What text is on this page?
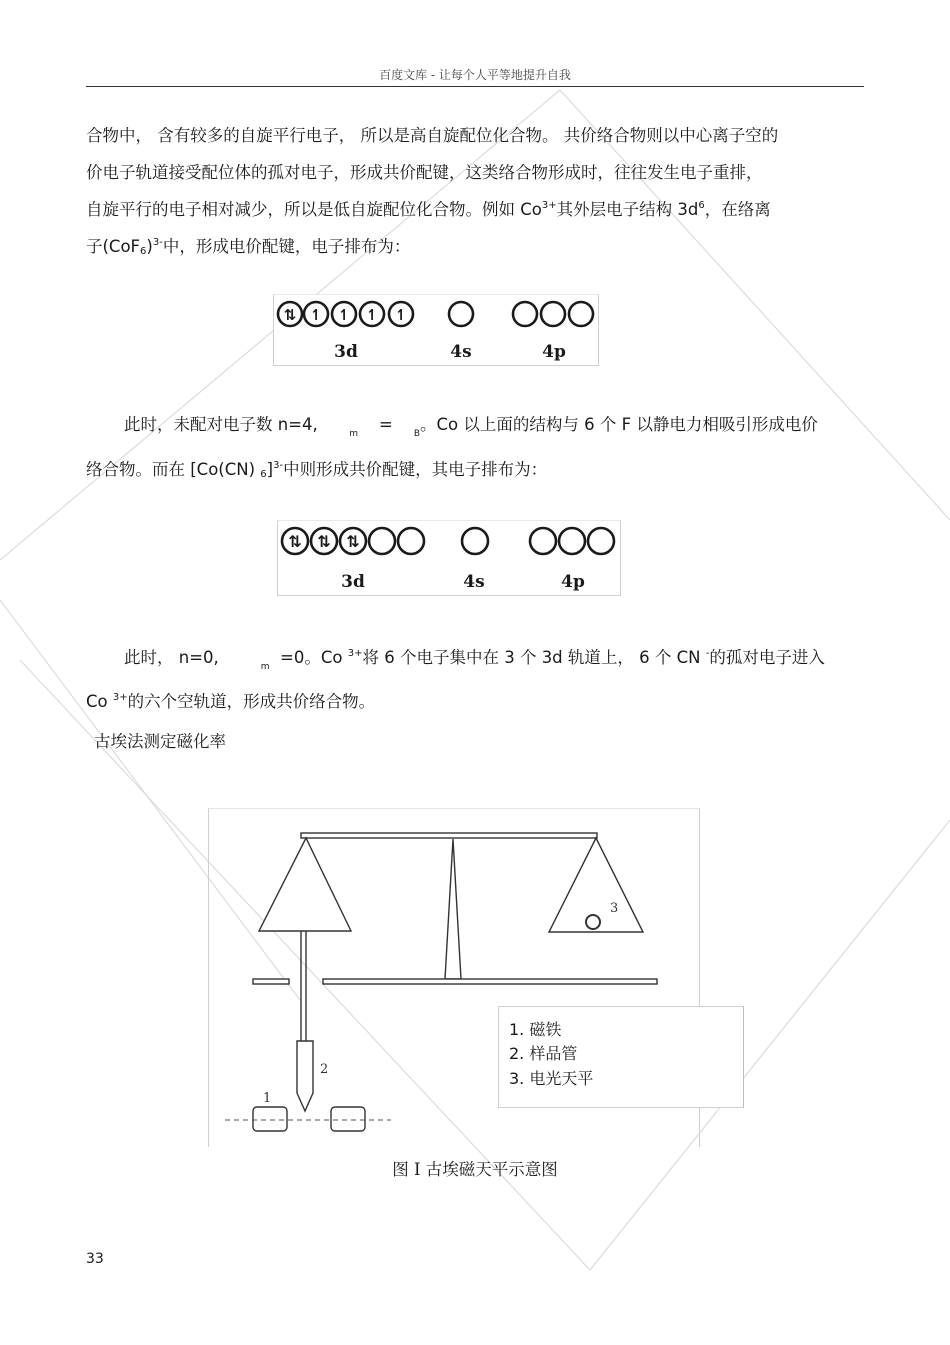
百度文库 - 让每个人平等地提升自我
合物中， 含有较多的自旋平行电子， 所以是高自旋配位化合物。 共价络合物则以中心离子空的
价电子轨道接受配位体的孤对电子，形成共价配键，这类络合物形成时，往往发生电子重排，
自旋平行的电子相对减少，所以是低自旋配位化合物。例如 $Co^{3+}$其外层电子结构 $3d^6$，在络离
子$(CoF_6)^{3-}$中，形成电价配键，电子排布为：
⇅ ↿ ↿ ↿ ↿
3d	4s	4p
此时，未配对电子数 n=4,	$_m$ = $_B$。Co 以上面的结构与 6 个 F 以静电力相吸引形成电价
络合物。而在 [Co(CN) $_6$]$^{3-}$中则形成共价配键，其电子排布为：
⇅ ⇅ ⇅
3d	4s	4p
此时， n=0,	$_m$ =0。Co $^{3+}$将 6 个电子集中在 3 个 3d 轨道上， 6 个 CN -的孤对电子进入
Co $^{3+}$的六个空轨道，形成共价络合物。
古埃法测定磁化率
1
2
3
1. 磁铁
2. 样品管
3. 电光天平
图 I 古埃磁天平示意图
33
